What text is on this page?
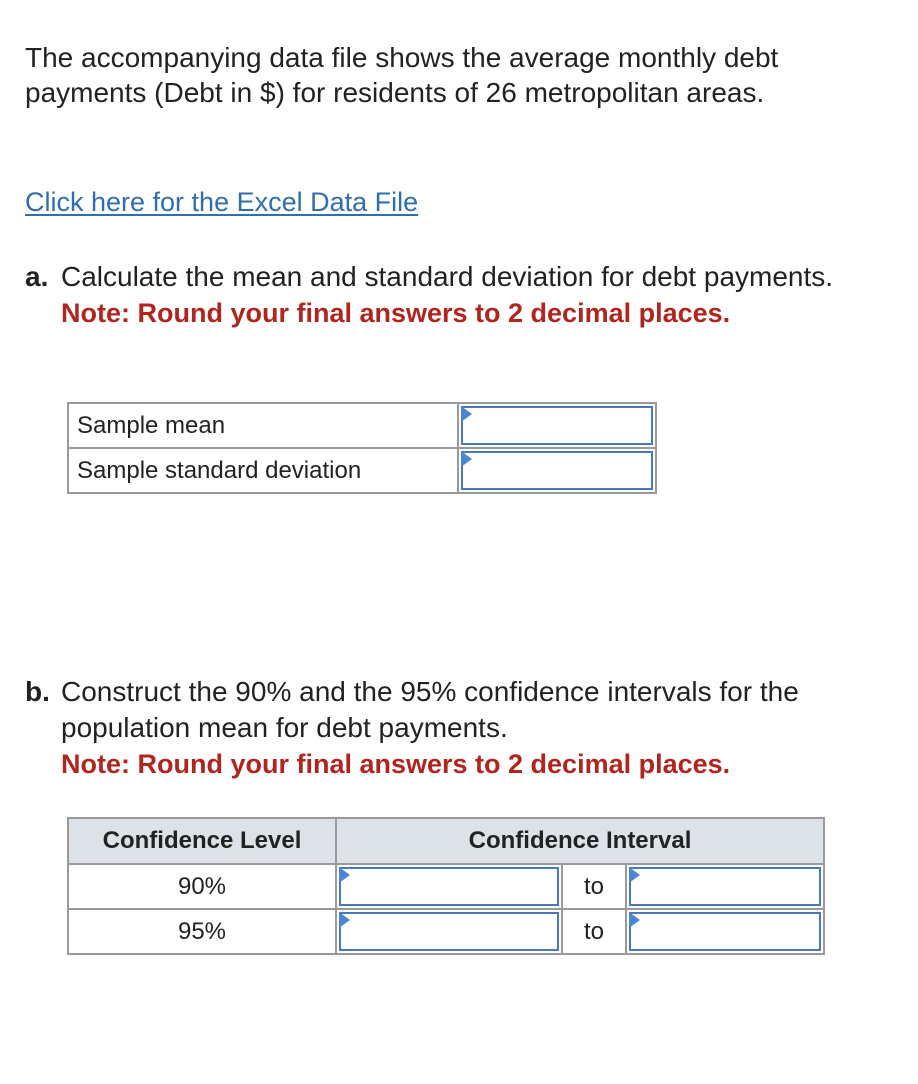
The accompanying data file shows the average monthly debt payments (Debt in $) for residents of 26 metropolitan areas.

Click here for the Excel Data File
a. Calculate the mean and standard deviation for debt payments.
Note: Round your final answers to 2 decimal places.
Sample mean	

Sample standard deviation	
b. Construct the 90% and the 95% confidence intervals for the population mean for debt payments.
Note: Round your final answers to 2 decimal places.
Confidence Level	Confidence Interval		
90%		to	

95%		to	
